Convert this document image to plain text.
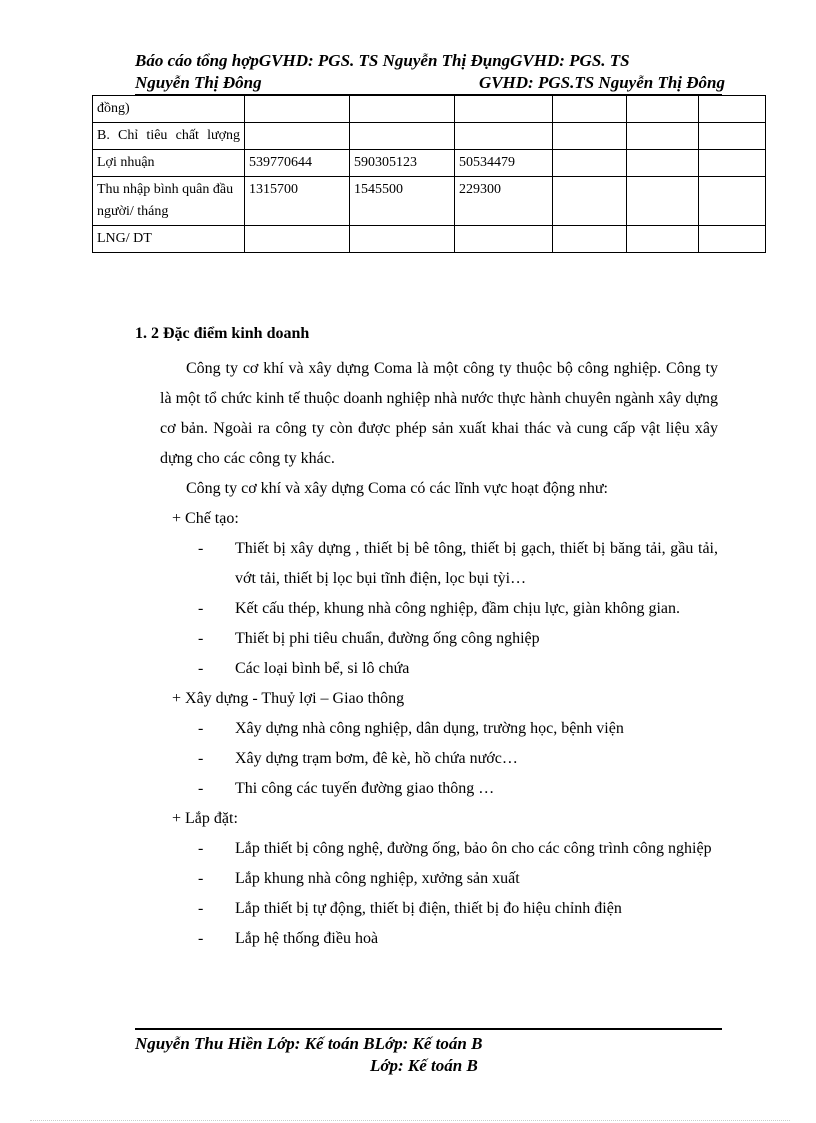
Báo cáo tổng hợpGVHD: PGS. TS Nguyễn Thị ĐụngGVHD: PGS. TS
Nguyễn Thị Đông	GVHD: PGS.TS Nguyễn Thị Đông
đồng)						

B. Chỉ tiêu chất lượng						

Lợi nhuận	539770644	590305123	50534479			
Thu nhập bình quân đầu người/ tháng	1315700	1545500	229300			
LNG/ DT						
1. 2 Đặc điểm kinh doanh

Công ty cơ khí và xây dựng Coma là một công ty thuộc bộ công nghiệp. Công ty là một tổ chức kinh tế thuộc doanh nghiệp nhà nước thực hành chuyên ngành xây dựng cơ bản. Ngoài ra công ty còn được phép sản xuất khai thác và cung cấp vật liệu xây dựng cho các công ty khác.

Công ty cơ khí và xây dựng Coma có các lĩnh vực hoạt động như:

+ Chế tạo:

-	Thiết bị xây dựng , thiết bị bê tông, thiết bị gạch, thiết bị băng tải, gầu tải, vớt tải, thiết bị lọc bụi tĩnh điện, lọc bụi tỳi…
-	Kết cấu thép, khung nhà công nghiệp, đầm chịu lực, giàn không gian.
-	Thiết bị phi tiêu chuẩn, đường ống công nghiệp
-	Các loại bình bể, si lô chứa

+ Xây dựng - Thuỷ lợi – Giao thông

-	Xây dựng nhà công nghiệp, dân dụng, trường học, bệnh viện
-	Xây dựng trạm bơm, đê kè, hồ chứa nước…
-	Thi công các tuyến đường giao thông …

+ Lắp đặt:

-	Lắp thiết bị công nghệ, đường ống, bảo ôn cho các công trình công nghiệp
-	Lắp khung nhà công nghiệp, xưởng sản xuất
-	Lắp thiết bị tự động, thiết bị điện, thiết bị đo hiệu chỉnh điện
-	Lắp hệ thống điều hoà
Nguyễn Thu Hiền Lớp: Kế toán BLớp: Kế toán B
Lớp: Kế toán B
